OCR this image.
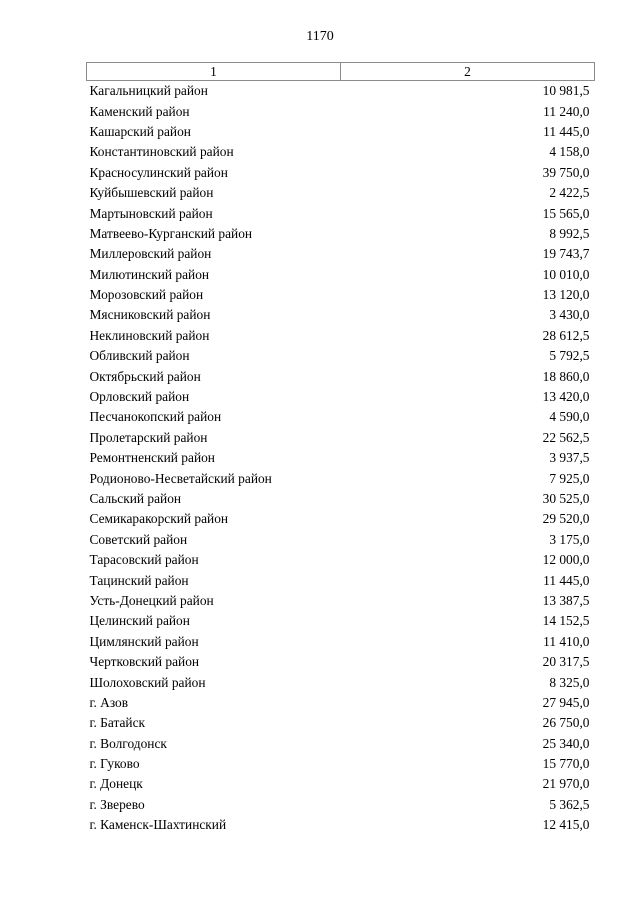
1170
1	2
Кагальницкий район	10 981,5
Каменский район	11 240,0
Кашарский район	11 445,0
Константиновский район	4 158,0
Красносулинский район	39 750,0
Куйбышевский район	2 422,5
Мартыновский район	15 565,0
Матвеево-Курганский район	8 992,5
Миллеровский район	19 743,7
Милютинский район	10 010,0
Морозовский район	13 120,0
Мясниковский район	3 430,0
Неклиновский район	28 612,5
Обливский район	5 792,5
Октябрьский район	18 860,0
Орловский район	13 420,0
Песчанокопский район	4 590,0
Пролетарский район	22 562,5
Ремонтненский район	3 937,5
Родионово-Несветайский район	7 925,0
Сальский район	30 525,0
Семикаракорский район	29 520,0
Советский район	3 175,0
Тарасовский район	12 000,0
Тацинский район	11 445,0
Усть-Донецкий район	13 387,5
Целинский район	14 152,5
Цимлянский район	11 410,0
Чертковский район	20 317,5
Шолоховский район	8 325,0
г. Азов	27 945,0
г. Батайск	26 750,0
г. Волгодонск	25 340,0
г. Гуково	15 770,0
г. Донецк	21 970,0
г. Зверево	5 362,5
г. Каменск-Шахтинский	12 415,0
